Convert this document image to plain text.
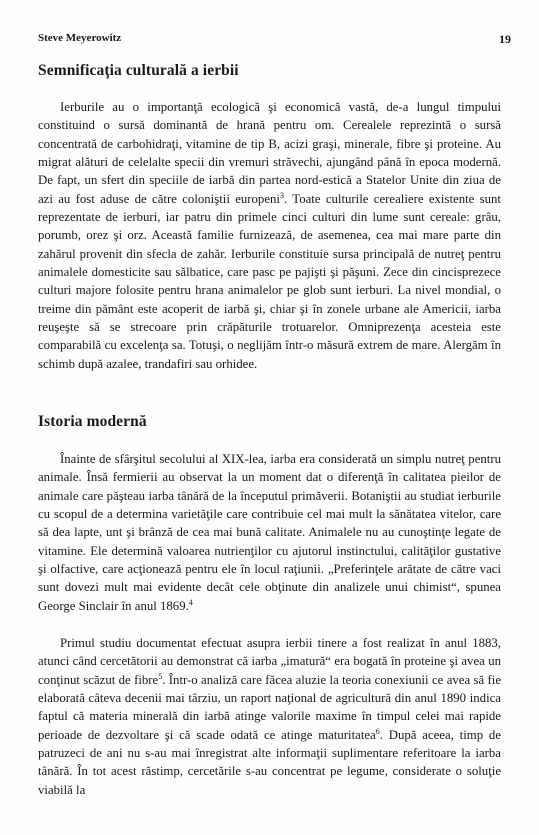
Steve Meyerowitz	19
Semnificaţia culturală a ierbii

Ierburile au o importanţă ecologică şi economică vastă, de-a lungul timpului constituind o sursă dominantă de hrană pentru om. Cerealele reprezintă o sursă concentrată de carbohidraţi, vitamine de tip B, acizi graşi, minerale, fibre şi proteine. Au migrat alături de celelalte specii din vremuri străvechi, ajungând până în epoca modernă. De fapt, un sfert din speciile de iarbă din partea nord-estică a Statelor Unite din ziua de azi au fost aduse de către coloniştii europeni$^3$. Toate culturile cerealiere existente sunt reprezentate de ierburi, iar patru din primele cinci culturi din lume sunt cereale: grâu, porumb, orez şi orz. Această familie furnizează, de asemenea, cea mai mare parte din zahărul provenit din sfecla de zahăr. Ierburile constituie sursa principală de nutreţ pentru animalele domesticite sau sălbatice, care pasc pe pajişti şi păşuni. Zece din cincisprezece culturi majore folosite pentru hrana animalelor pe glob sunt ierburi. La nivel mondial, o treime din pământ este acoperit de iarbă şi, chiar şi în zonele urbane ale Americii, iarba reuşeşte să se strecoare prin crăpăturile trotuarelor. Omniprezenţa acesteia este comparabilă cu excelenţa sa. Totuşi, o neglijăm într-o măsură extrem de mare. Alergăm în schimb după azalee, trandafiri sau orhidee.

Istoria modernă

Înainte de sfârşitul secolului al XIX-lea, iarba era considerată un simplu nutreţ pentru animale. Însă fermierii au observat la un moment dat o diferenţă în calitatea pieilor de animale care păşteau iarba tânără de la începutul primăverii. Botaniştii au studiat ierburile cu scopul de a determina varietăţile care contribuie cel mai mult la sănătatea vitelor, care să dea lapte, unt şi brânză de cea mai bună calitate. Animalele nu au cunoştinţe legate de vitamine. Ele determină valoarea nutrienţilor cu ajutorul instinctului, calităţilor gustative şi olfactive, care acţionează pentru ele în locul raţiunii. „Preferinţele arătate de către vaci sunt dovezi mult mai evidente decât cele obţinute din analizele unui chimist“, spunea George Sinclair în anul 1869.$^4$

Primul studiu documentat efectuat asupra ierbii tinere a fost realizat în anul 1883, atunci când cercetătorii au demonstrat că iarba „imatură“ era bogată în proteine şi avea un conţinut scăzut de fibre$^5$. Într-o analiză care făcea aluzie la teoria conexiunii ce avea să fie elaborată câteva decenii mai târziu, un raport naţional de agricultură din anul 1890 indica faptul că materia minerală din iarbă atinge valorile maxime în timpul celei mai rapide perioade de dezvoltare şi că scade odată ce atinge maturitatea$^6$. După aceea, timp de patruzeci de ani nu s-au mai înregistrat alte informaţii suplimentare referitoare la iarba tânără. În tot acest răstimp, cercetările s-au concentrat pe legume, considerate o soluţie viabilă la
